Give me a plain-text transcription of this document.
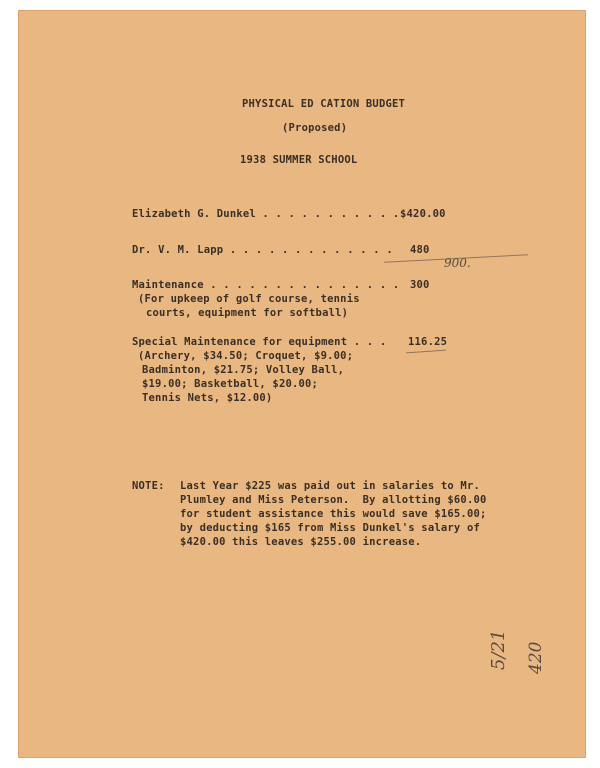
PHYSICAL ED CATION BUDGET
(Proposed)
1938 SUMMER SCHOOL
Elizabeth G. Dunkel . . . . . . . . . . . $420.00
Dr. V. M. Lapp . . . . . . . . . . . . . 480
900.
Maintenance . . . . . . . . . . . . . . . 300
(For upkeep of golf course, tennis
courts, equipment for softball)
Special Maintenance for equipment . . . 116.25
(Archery, $34.50; Croquet, $9.00;
Badminton, $21.75; Volley Ball,
$19.00; Basketball, $20.00;
Tennis Nets, $12.00)
NOTE: Last Year $225 was paid out in salaries to Mr.
Plumley and Miss Peterson.  By allotting $60.00
for student assistance this would save $165.00;
by deducting $165 from Miss Dunkel's salary of
$420.00 this leaves $255.00 increase.
5/21 420
